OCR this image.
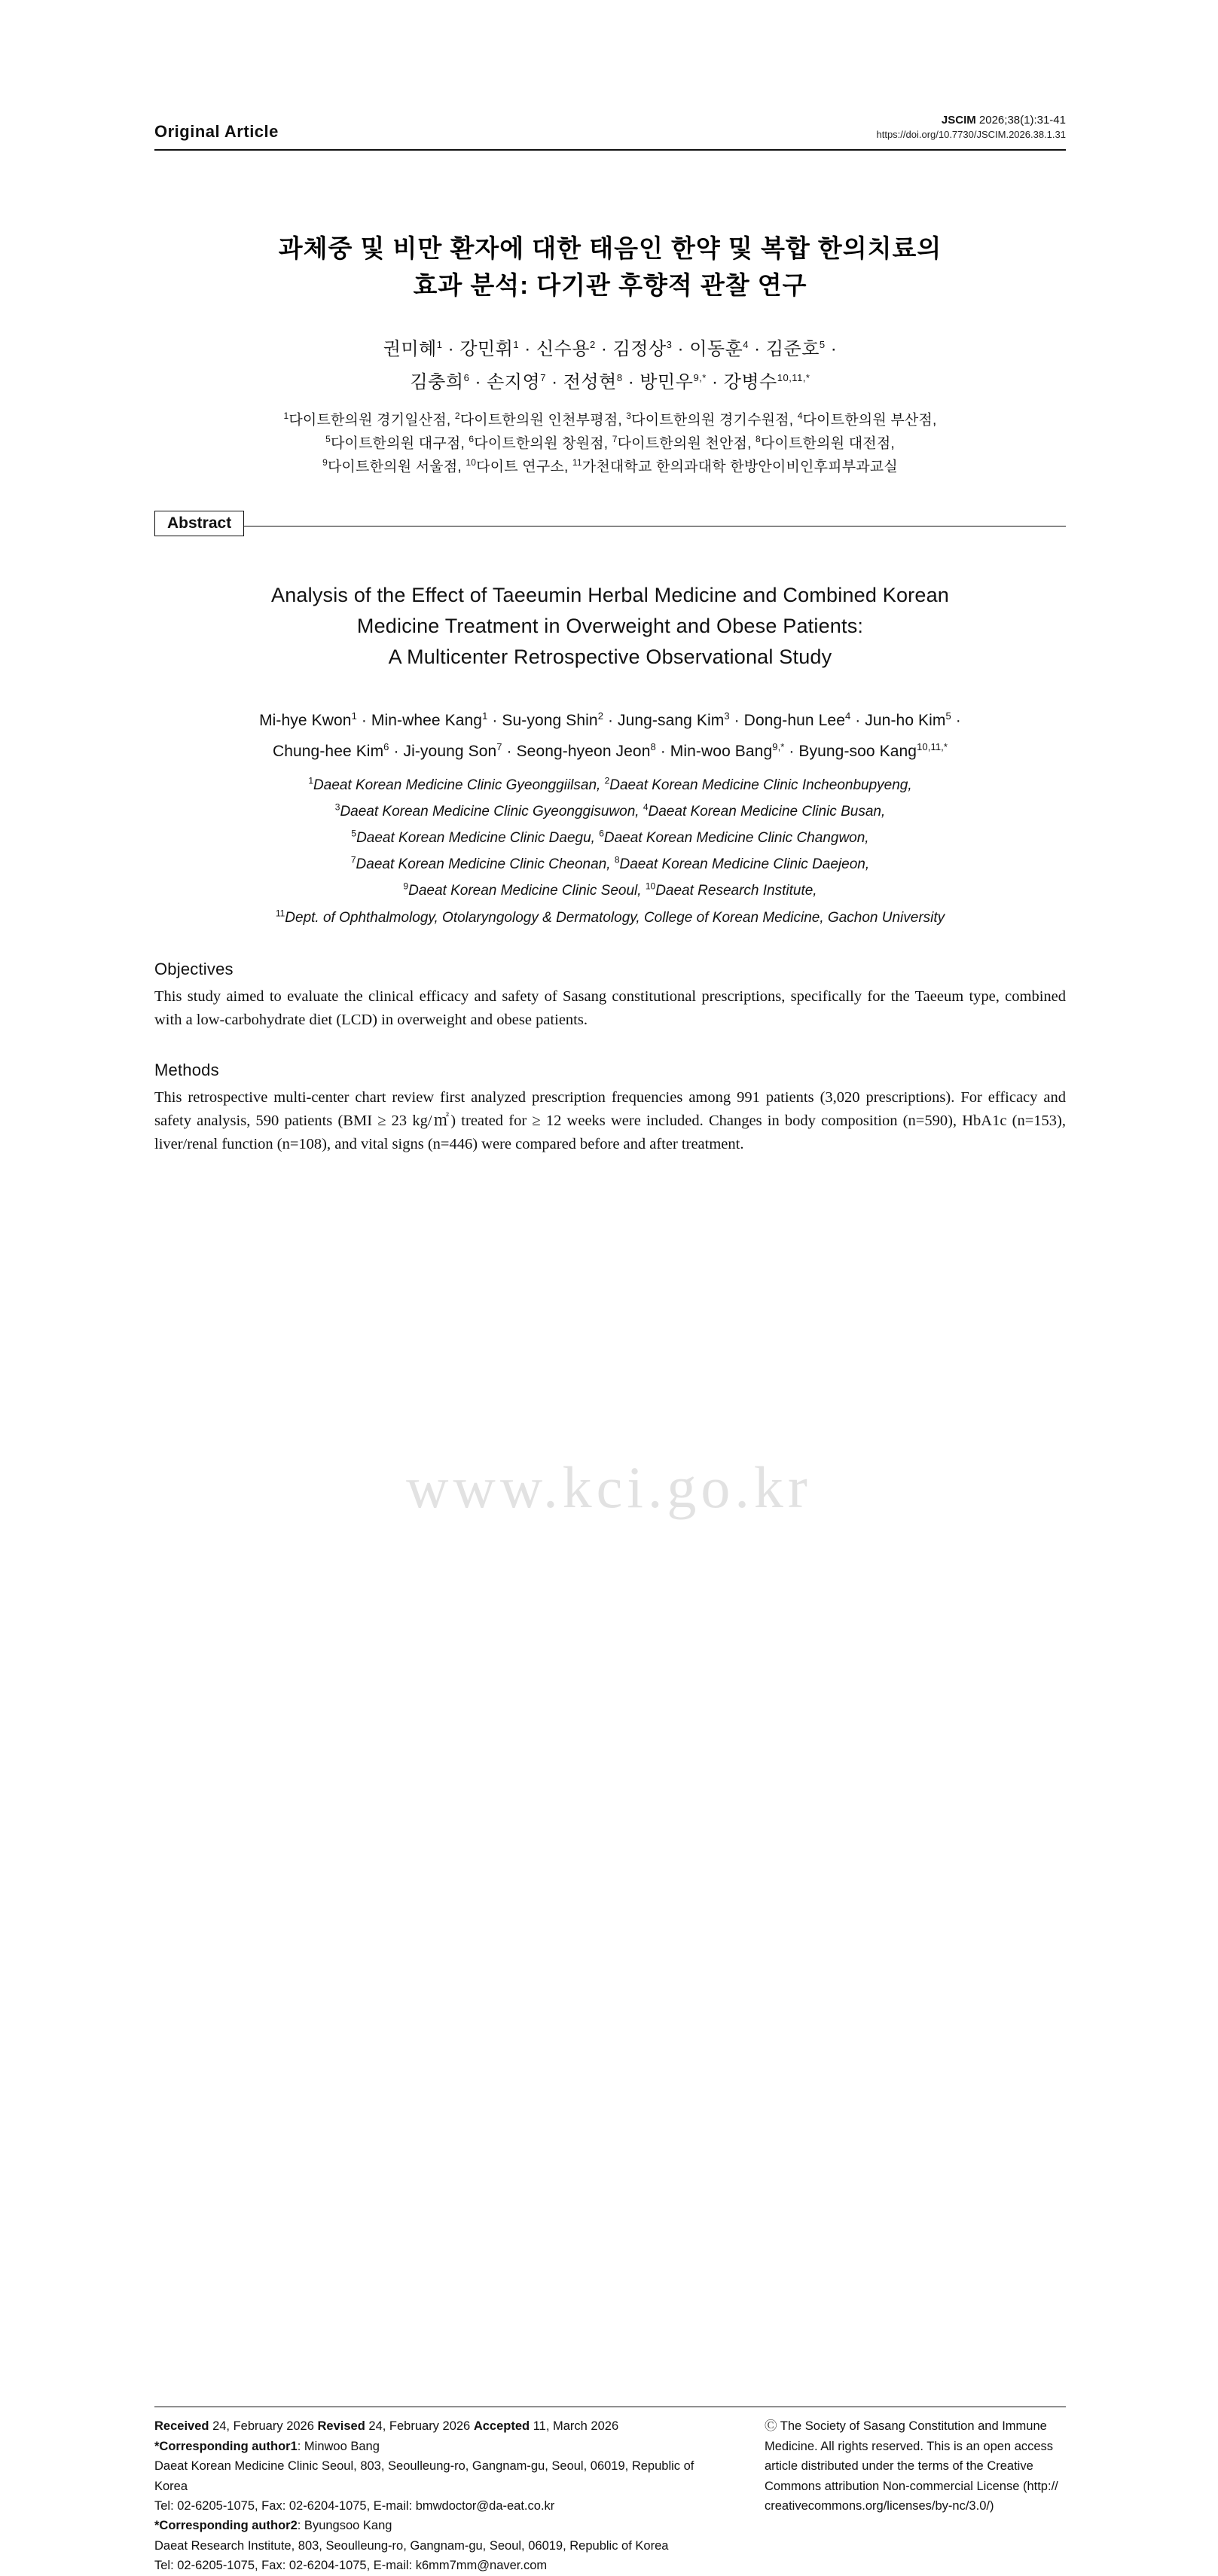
www.kci.go.kr
Original Article
JSCIM 2026;38(1):31-41
https://doi.org/10.7730/JSCIM.2026.38.1.31
과체중 및 비만 환자에 대한 태음인 한약 및 복합 한의치료의
효과 분석: 다기관 후향적 관찰 연구
권미혜$^1$ · 강민휘$^1$ · 신수용$^2$ · 김정상$^3$ · 이동훈$^4$ · 김준호$^5$ ·
김충희$^6$ · 손지영$^7$ · 전성현$^8$ · 방민우$^{9,*}$ · 강병수$^{10,11,*}$
$^1$다이트한의원 경기일산점, $^2$다이트한의원 인천부평점, $^3$다이트한의원 경기수원점, $^4$다이트한의원 부산점,
$^5$다이트한의원 대구점, $^6$다이트한의원 창원점, $^7$다이트한의원 천안점, $^8$다이트한의원 대전점,
$^9$다이트한의원 서울점, $^{10}$다이트 연구소, $^{11}$가천대학교 한의과대학 한방안이비인후피부과교실
Abstract
Analysis of the Effect of Taeeumin Herbal Medicine and Combined Korean
Medicine Treatment in Overweight and Obese Patients:
A Multicenter Retrospective Observational Study
Mi-hye Kwon$^1$ · Min-whee Kang$^1$ · Su-yong Shin$^2$ · Jung-sang Kim$^3$ · Dong-hun Lee$^4$ · Jun-ho Kim$^5$ ·
Chung-hee Kim$^6$ · Ji-young Son$^7$ · Seong-hyeon Jeon$^8$ · Min-woo Bang$^{9,*}$ · Byung-soo Kang$^{10,11,*}$
$^1$Daeat Korean Medicine Clinic Gyeonggiilsan, $^2$Daeat Korean Medicine Clinic Incheonbupyeng,
$^3$Daeat Korean Medicine Clinic Gyeonggisuwon, $^4$Daeat Korean Medicine Clinic Busan,
$^5$Daeat Korean Medicine Clinic Daegu, $^6$Daeat Korean Medicine Clinic Changwon,
$^7$Daeat Korean Medicine Clinic Cheonan, $^8$Daeat Korean Medicine Clinic Daejeon,
$^9$Daeat Korean Medicine Clinic Seoul, $^{10}$Daeat Research Institute,
$^{11}$Dept. of Ophthalmology, Otolaryngology & Dermatology, College of Korean Medicine, Gachon University
Objectives
This study aimed to evaluate the clinical efficacy and safety of Sasang constitutional prescriptions, specifically for the Taeeum type, combined with a low-carbohydrate diet (LCD) in overweight and obese patients.
Methods
This retrospective multi-center chart review first analyzed prescription frequencies among 991 patients (3,020 prescriptions). For efficacy and safety analysis, 590 patients (BMI ≥ 23 kg/㎡) treated for ≥ 12 weeks were included. Changes in body composition (n=590), HbA1c (n=153), liver/renal function (n=108), and vital signs (n=446) were compared before and after treatment.
Received 24, February 2026 Revised 24, February 2026 Accepted 11, March 2026
*Corresponding author1: Minwoo Bang
Daeat Korean Medicine Clinic Seoul, 803, Seoulleung-ro, Gangnam-gu, Seoul, 06019, Republic of Korea
Tel: 02-6205-1075, Fax: 02-6204-1075, E-mail: bmwdoctor@da-eat.co.kr
*Corresponding author2: Byungsoo Kang
Daeat Research Institute, 803, Seoulleung-ro, Gangnam-gu, Seoul, 06019, Republic of Korea
Tel: 02-6205-1075, Fax: 02-6204-1075, E-mail: k6mm7mm@naver.com
Ⓒ The Society of Sasang Constitution and Immune Medicine. All rights reserved. This is an open access article distributed under the terms of the Creative Commons attribution Non-commercial License (http:// creativecommons.org/licenses/by-nc/3.0/)
